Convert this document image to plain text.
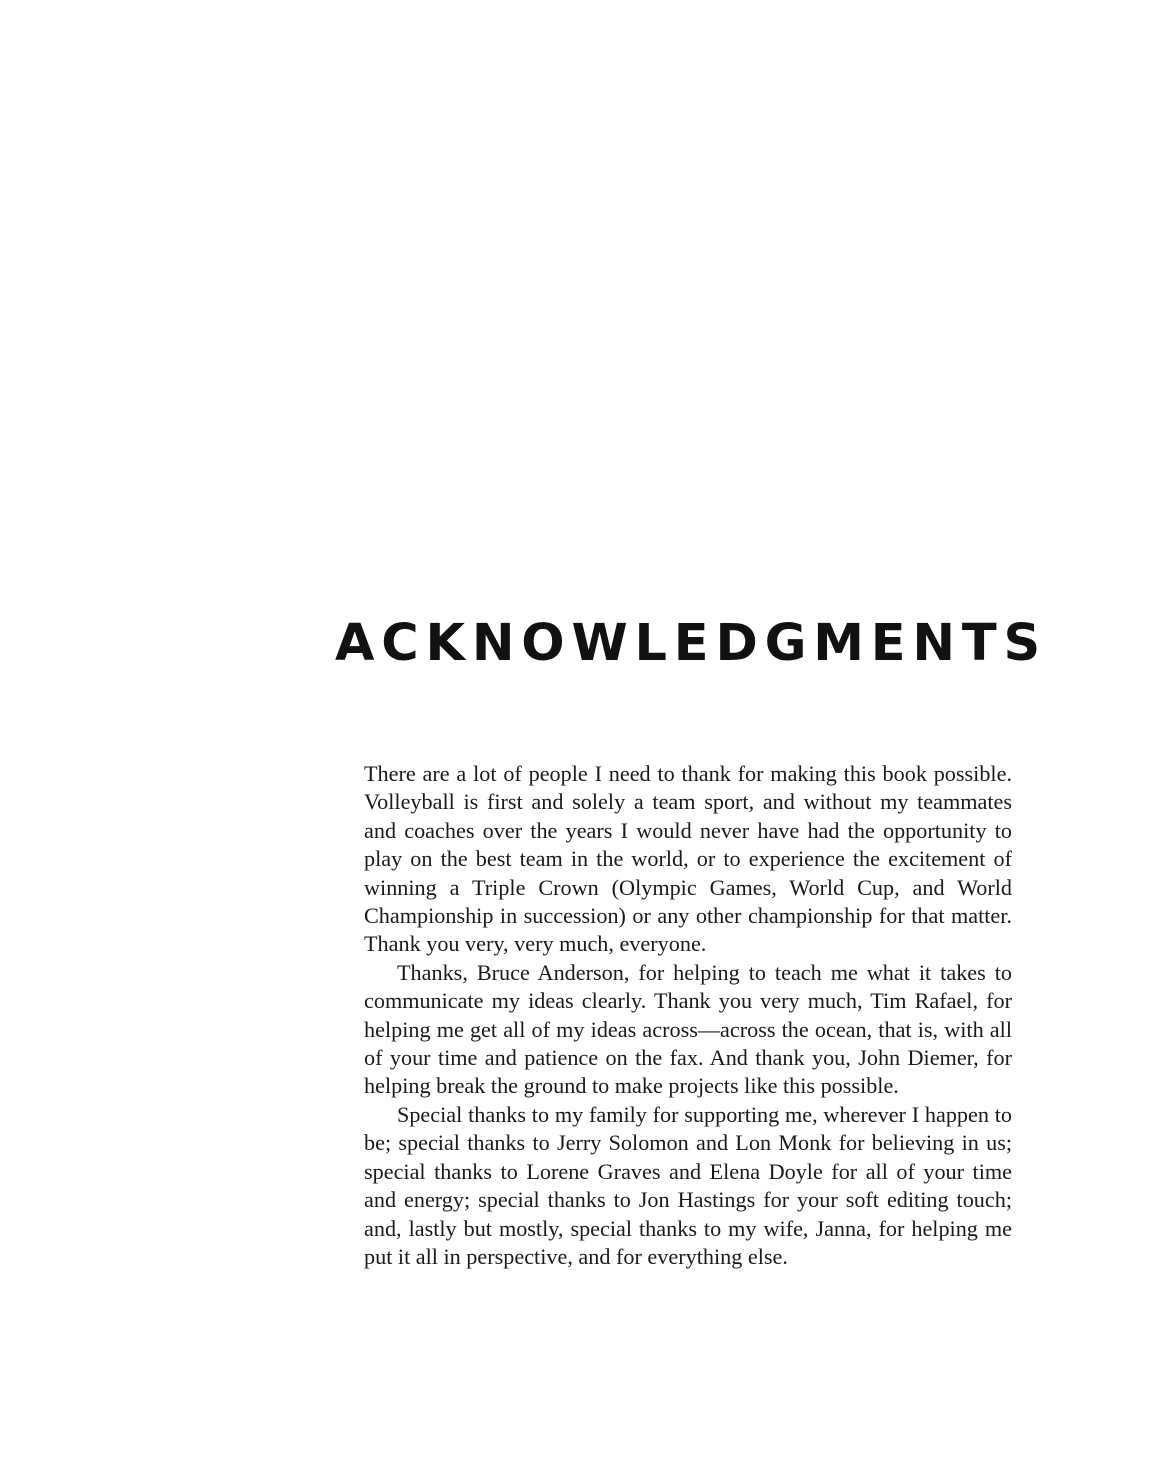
ACKNOWLEDGMENTS

There are a lot of people I need to thank for making this book possible. Volleyball is first and solely a team sport, and without my teammates and coaches over the years I would never have had the opportunity to play on the best team in the world, or to experience the excitement of winning a Triple Crown (Olympic Games, World Cup, and World Championship in succession) or any other championship for that matter. Thank you very, very much, everyone.

Thanks, Bruce Anderson, for helping to teach me what it takes to communicate my ideas clearly. Thank you very much, Tim Rafael, for helping me get all of my ideas across—across the ocean, that is, with all of your time and patience on the fax. And thank you, John Diemer, for helping break the ground to make projects like this possible.

Special thanks to my family for supporting me, wherever I happen to be; special thanks to Jerry Solomon and Lon Monk for believing in us; special thanks to Lorene Graves and Elena Doyle for all of your time and energy; special thanks to Jon Hastings for your soft editing touch; and, lastly but mostly, special thanks to my wife, Janna, for helping me put it all in perspective, and for everything else.
